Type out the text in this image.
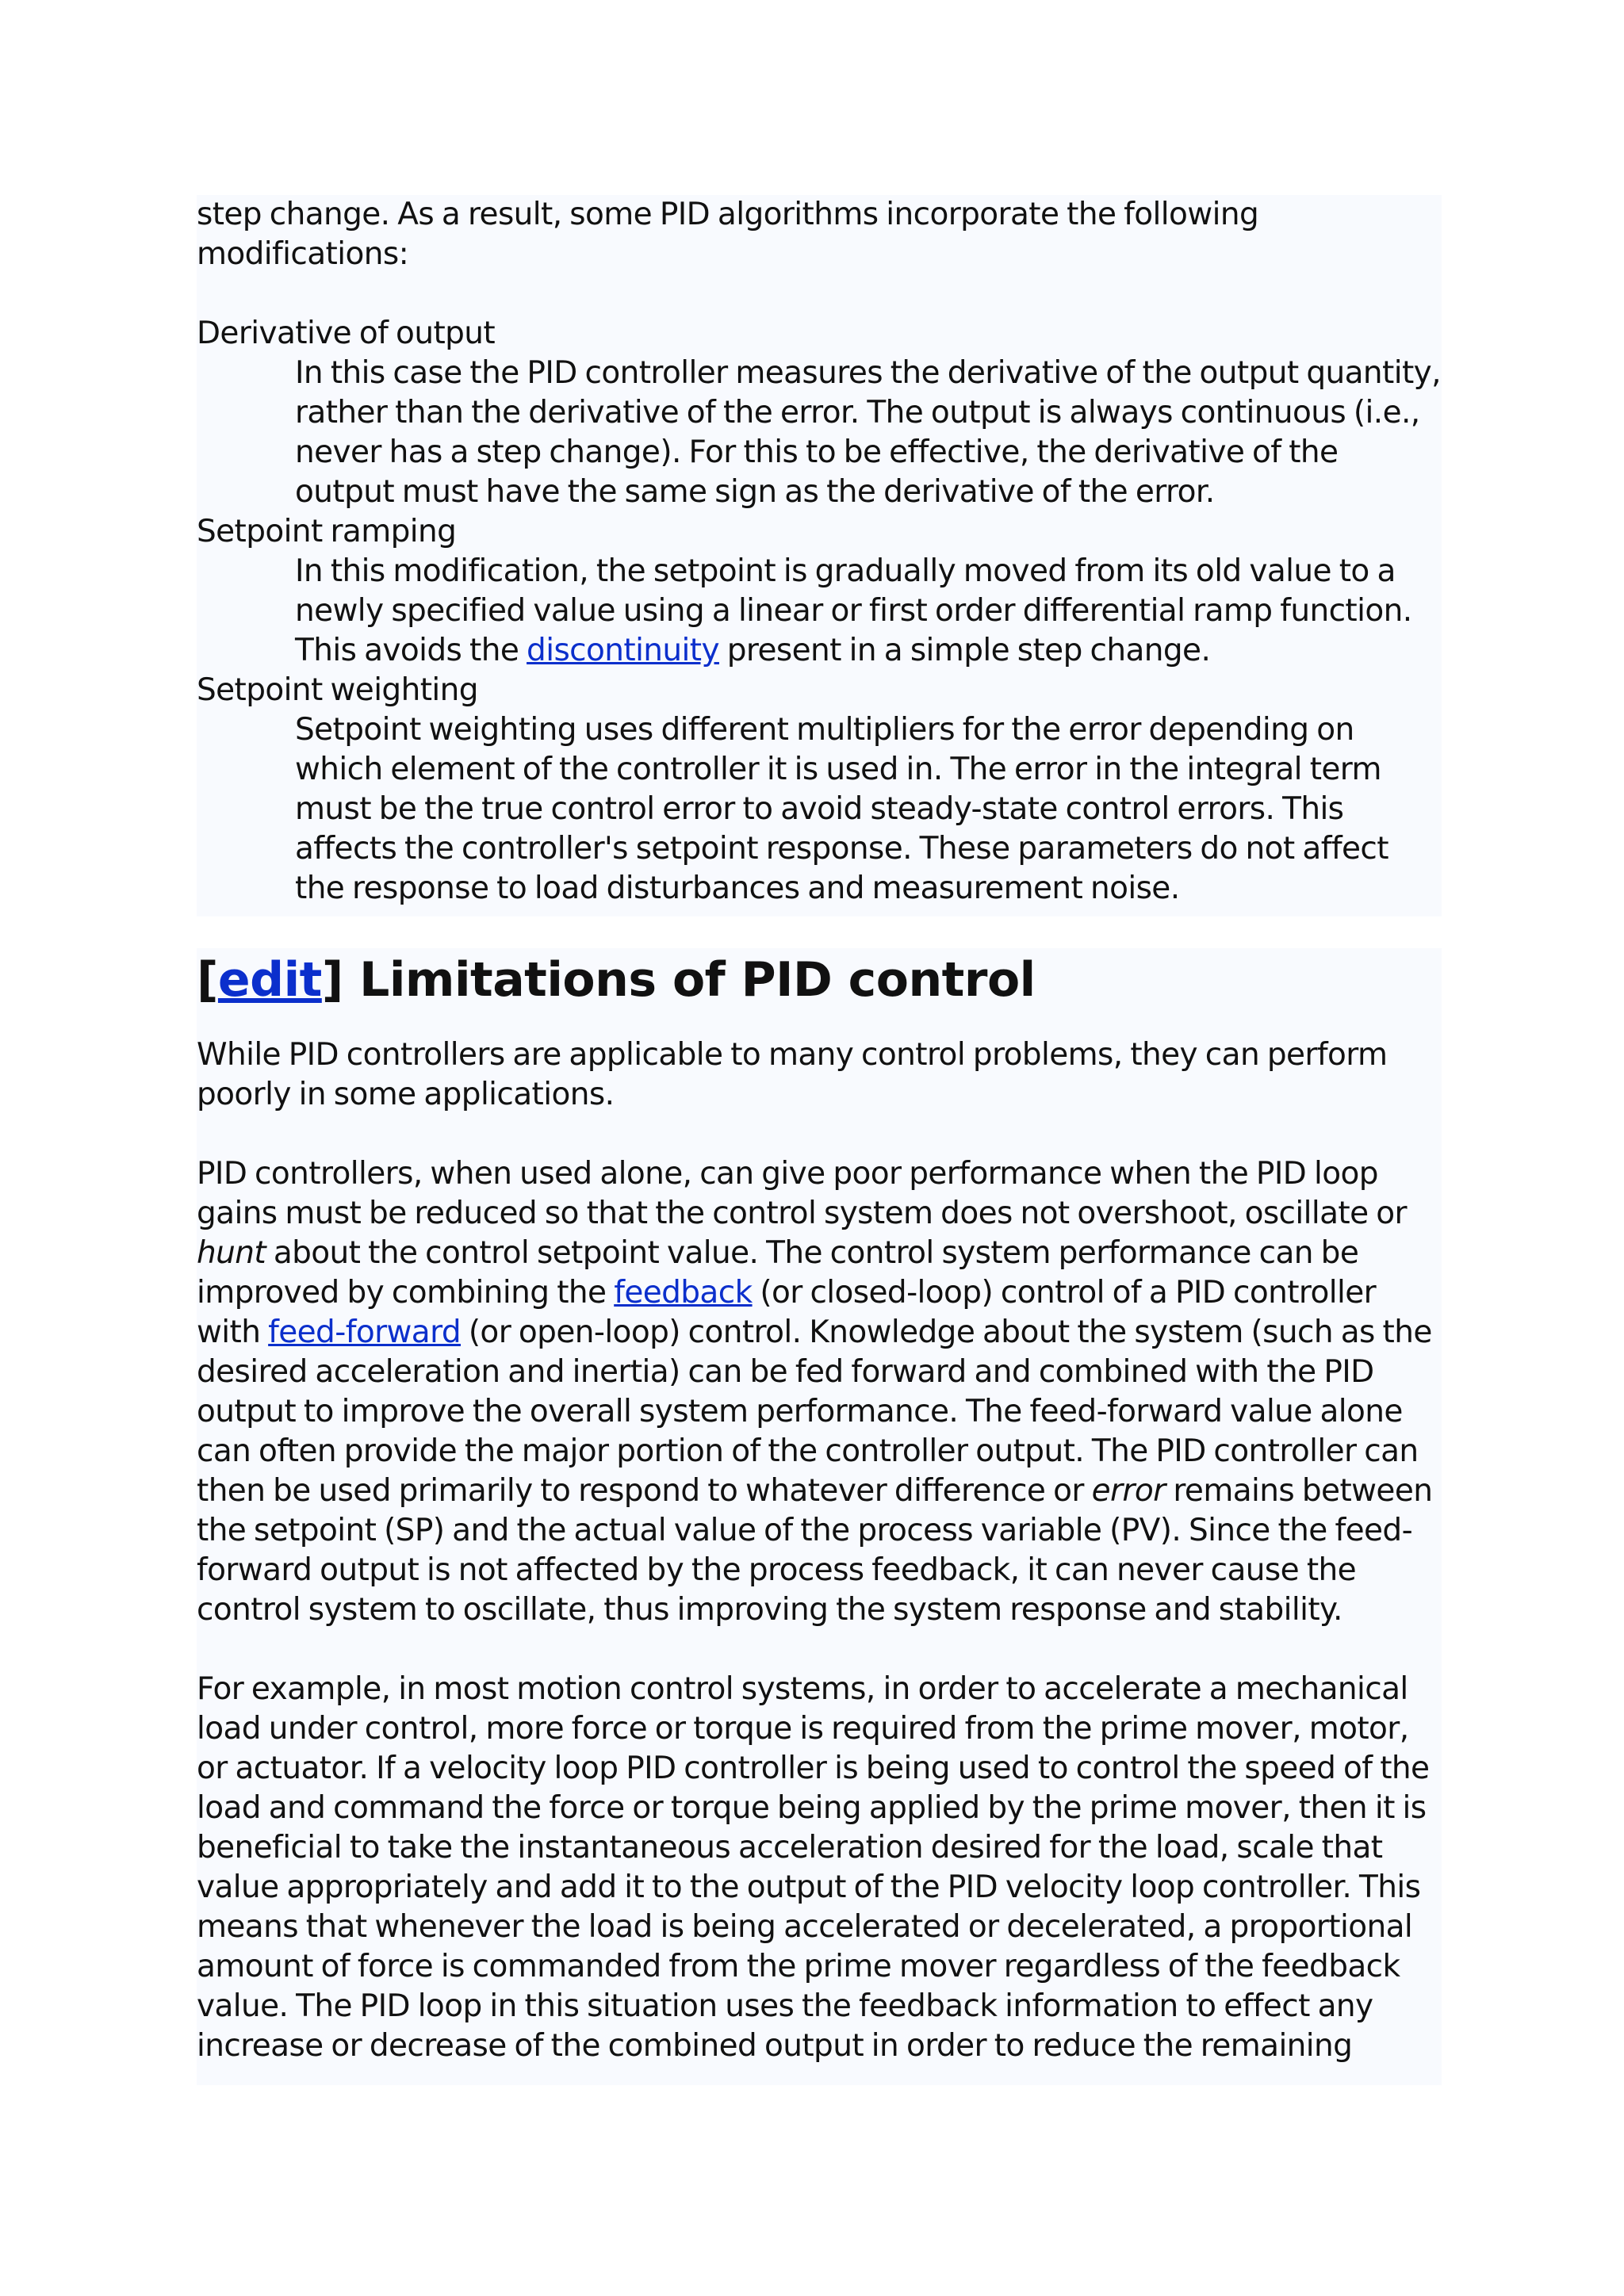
step change. As a result, some PID algorithms incorporate the following modifications:

Derivative of output

In this case the PID controller measures the derivative of the output quantity, rather than the derivative of the error. The output is always continuous (i.e., never has a step change). For this to be effective, the derivative of the output must have the same sign as the derivative of the error.

Setpoint ramping

In this modification, the setpoint is gradually moved from its old value to a newly specified value using a linear or first order differential ramp function. This avoids the discontinuity present in a simple step change.

Setpoint weighting

Setpoint weighting uses different multipliers for the error depending on which element of the controller it is used in. The error in the integral term must be the true control error to avoid steady-state control errors. This affects the controller's setpoint response. These parameters do not affect the response to load disturbances and measurement noise.

[edit] Limitations of PID control

While PID controllers are applicable to many control problems, they can perform poorly in some applications.

PID controllers, when used alone, can give poor performance when the PID loop gains must be reduced so that the control system does not overshoot, oscillate or hunt about the control setpoint value. The control system performance can be improved by combining the feedback (or closed-loop) control of a PID controller with feed-forward (or open-loop) control. Knowledge about the system (such as the desired acceleration and inertia) can be fed forward and combined with the PID output to improve the overall system performance. The feed-forward value alone can often provide the major portion of the controller output. The PID controller can then be used primarily to respond to whatever difference or error remains between the setpoint (SP) and the actual value of the process variable (PV). Since the feed-forward output is not affected by the process feedback, it can never cause the control system to oscillate, thus improving the system response and stability.

For example, in most motion control systems, in order to accelerate a mechanical load under control, more force or torque is required from the prime mover, motor, or actuator. If a velocity loop PID controller is being used to control the speed of the load and command the force or torque being applied by the prime mover, then it is beneficial to take the instantaneous acceleration desired for the load, scale that value appropriately and add it to the output of the PID velocity loop controller. This means that whenever the load is being accelerated or decelerated, a proportional amount of force is commanded from the prime mover regardless of the feedback value. The PID loop in this situation uses the feedback information to effect any increase or decrease of the combined output in order to reduce the remaining
